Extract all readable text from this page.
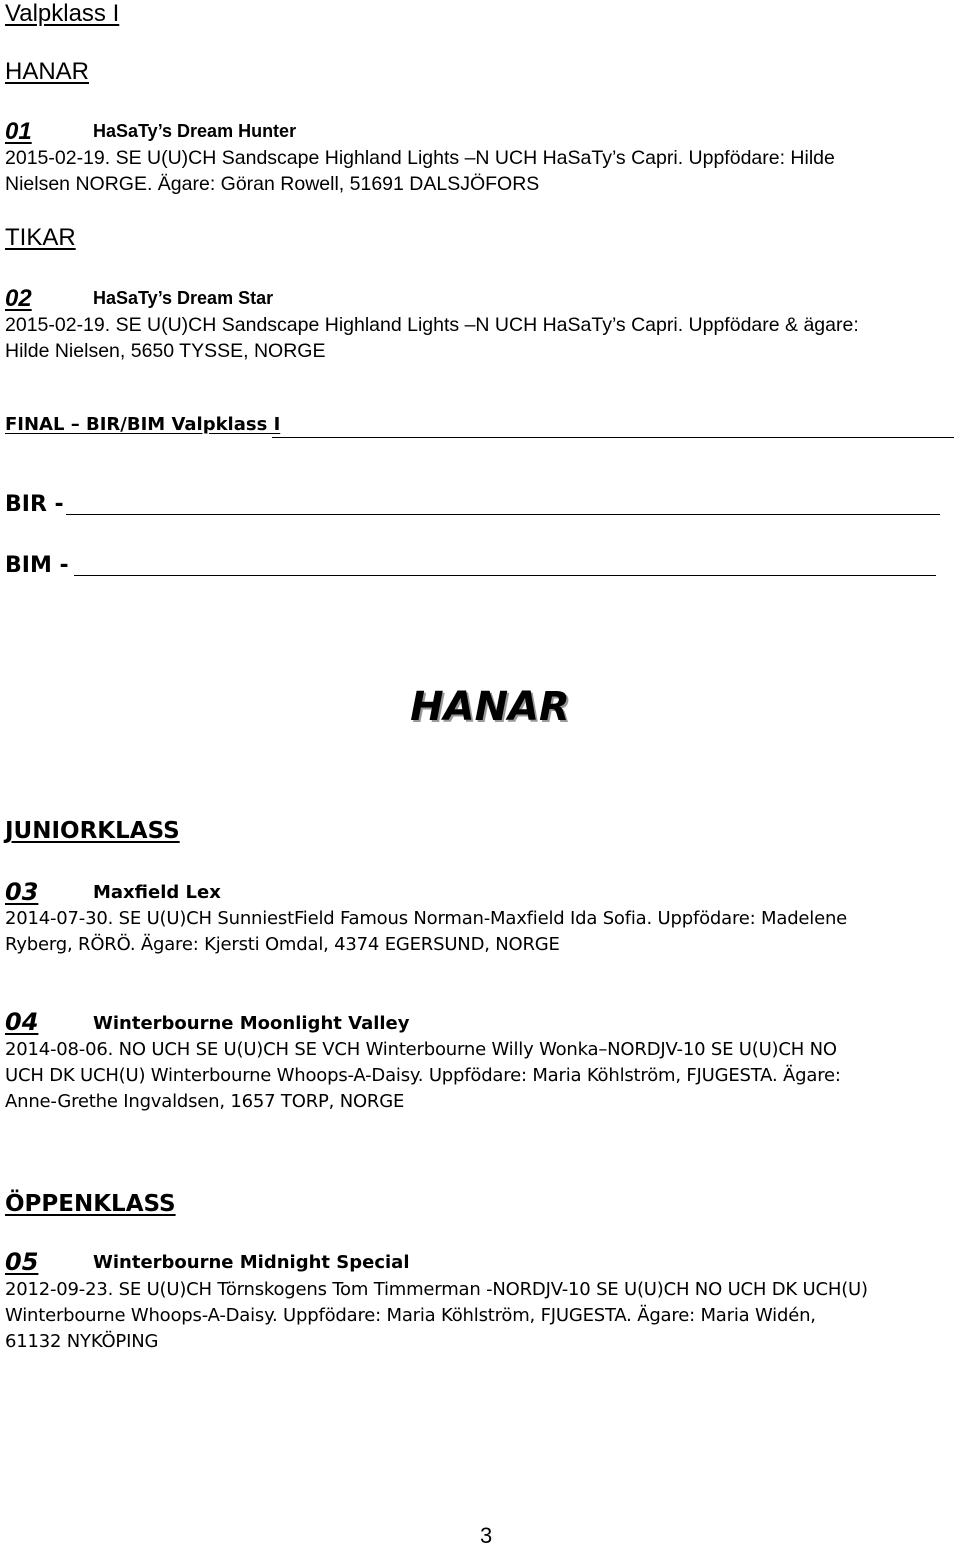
Valpklass I
HANAR
01	HaSaTy’s Dream Hunter
2015-02-19. SE U(U)CH Sandscape Highland Lights –N UCH HaSaTy’s Capri. Uppfödare: Hilde
Nielsen NORGE. Ägare: Göran Rowell, 51691 DALSJÖFORS
TIKAR
02	HaSaTy’s Dream Star
2015-02-19. SE U(U)CH Sandscape Highland Lights –N UCH HaSaTy’s Capri. Uppfödare & ägare:
Hilde Nielsen, 5650 TYSSE, NORGE
FINAL – BIR/BIM Valpklass I
BIR -
BIM -
HANAR
JUNIORKLASS
03	Maxfield Lex
2014-07-30. SE U(U)CH SunniestField Famous Norman-Maxfield Ida Sofia. Uppfödare: Madelene
Ryberg, RÖRÖ. Ägare: Kjersti Omdal, 4374 EGERSUND, NORGE
04	Winterbourne Moonlight Valley
2014-08-06. NO UCH SE U(U)CH SE VCH Winterbourne Willy Wonka–NORDJV-10 SE U(U)CH NO
UCH DK UCH(U) Winterbourne Whoops-A-Daisy. Uppfödare: Maria Köhlström, FJUGESTA. Ägare:
Anne-Grethe Ingvaldsen, 1657 TORP, NORGE
ÖPPENKLASS
05	Winterbourne Midnight Special
2012-09-23. SE U(U)CH Törnskogens Tom Timmerman -NORDJV-10 SE U(U)CH NO UCH DK UCH(U)
Winterbourne Whoops-A-Daisy. Uppfödare: Maria Köhlström, FJUGESTA. Ägare: Maria Widén,
61132 NYKÖPING
3
